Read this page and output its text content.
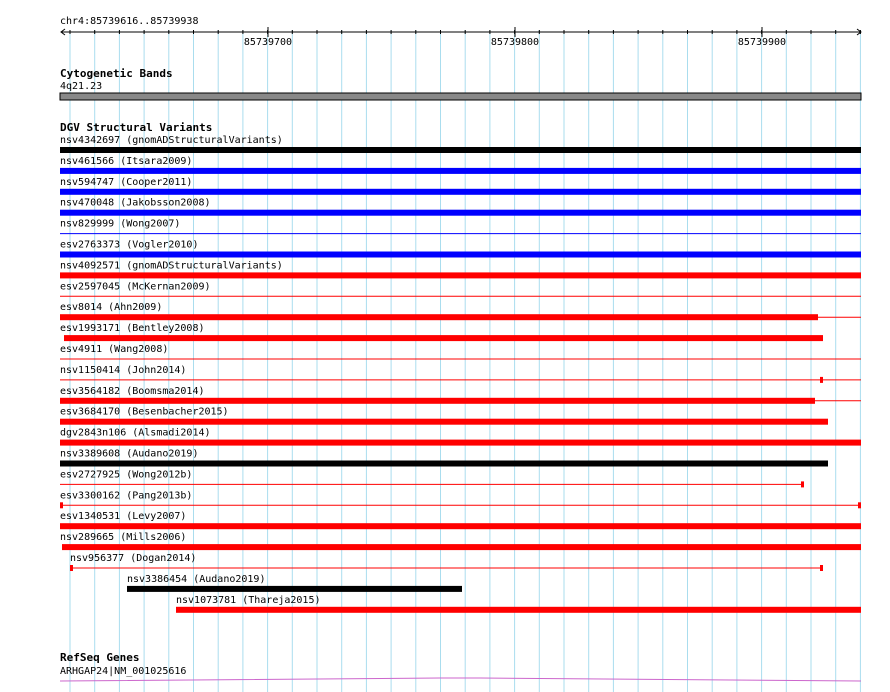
chr4:85739616..85739938
85739700	85739800	85739900
Cytogenetic Bands
4q21.23
DGV Structural Variants
nsv4342697 (gnomADStructuralVariants)
nsv461566 (Itsara2009)
nsv594747 (Cooper2011)
nsv470048 (Jakobsson2008)
nsv829999 (Wong2007)
esv2763373 (Vogler2010)
nsv4092571 (gnomADStructuralVariants)
esv2597045 (McKernan2009)
esv8014 (Ahn2009)
esv1993171 (Bentley2008)
esv4911 (Wang2008)
nsv1150414 (John2014)
esv3564182 (Boomsma2014)
esv3684170 (Besenbacher2015)
dgv2843n106 (Alsmadi2014)
nsv3389608 (Audano2019)
esv2727925 (Wong2012b)
esv3300162 (Pang2013b)
esv1340531 (Levy2007)
nsv289665 (Mills2006)
nsv956377 (Dogan2014)
nsv3386454 (Audano2019)
nsv1073781 (Thareja2015)
RefSeq Genes
ARHGAP24|NM_001025616
